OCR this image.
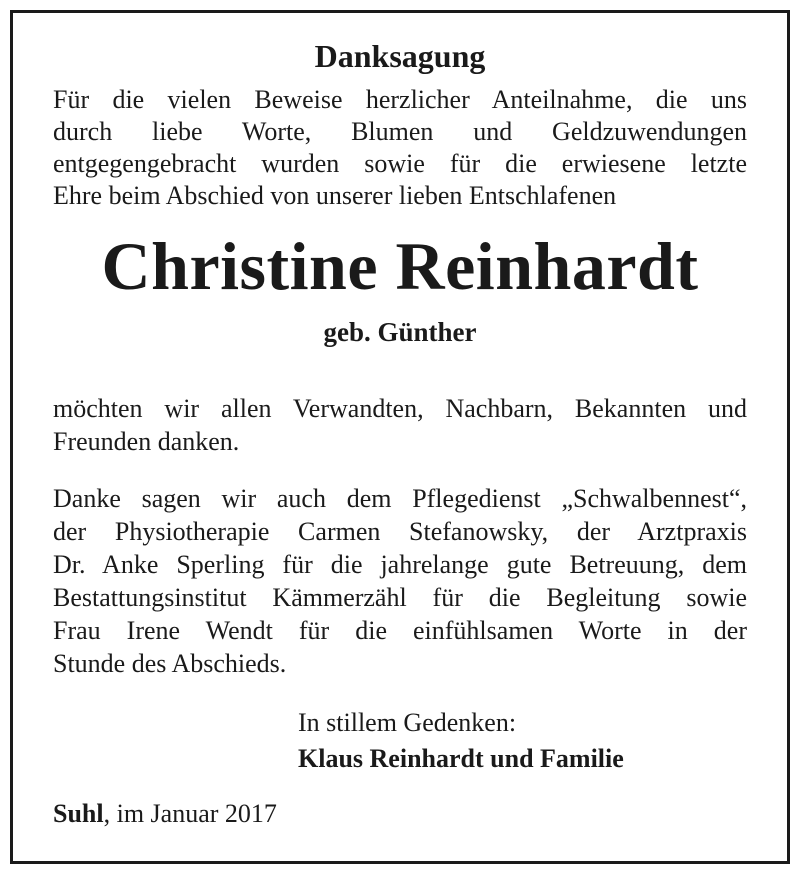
Danksagung
Für die vielen Beweise herzlicher Anteilnahme, die uns
durch liebe Worte, Blumen und Geldzuwendungen
entgegengebracht wurden sowie für die erwiesene letzte
Ehre beim Abschied von unserer lieben Entschlafenen
Christine Reinhardt
geb. Günther
möchten wir allen Verwandten, Nachbarn, Bekannten und
Freunden danken.
Danke sagen wir auch dem Pflegedienst „Schwalbennest“,
der Physiotherapie Carmen Stefanowsky, der Arztpraxis
Dr. Anke Sperling für die jahrelange gute Betreuung, dem
Bestattungsinstitut Kämmerzähl für die Begleitung sowie
Frau Irene Wendt für die einfühlsamen Worte in der
Stunde des Abschieds.
In stillem Gedenken:
Klaus Reinhardt und Familie
Suhl, im Januar 2017
